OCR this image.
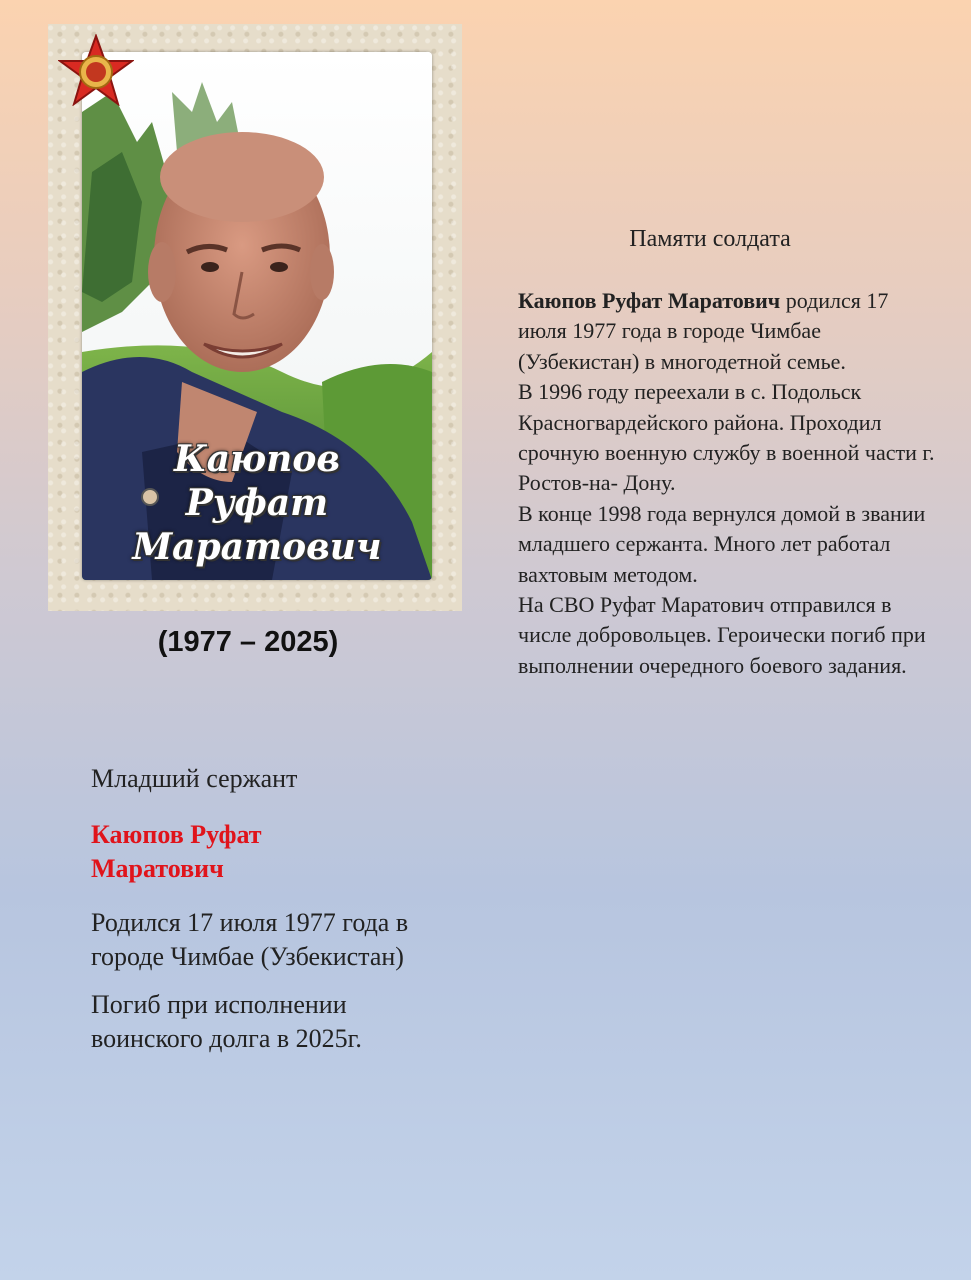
Каюпов
Руфат
Маратович
(1977 – 2025)
Памяти солдата

Каюпов Руфат Маратович родился 17 июля 1977 года в городе Чимбае (Узбекистан) в многодетной семье.

В 1996 году переехали в с. Подольск Красногвардейского района. Проходил срочную военную службу в военной части г. Ростов-на- Дону.

В конце 1998 года вернулся домой в звании младшего сержанта. Много лет работал вахтовым методом.

На СВО Руфат Маратович отправился в числе добровольцев. Героически погиб при выполнении очередного боевого задания.

Младший сержант

Каюпов Руфат
Маратович

Родился 17 июля 1977 года в городе Чимбае (Узбекистан)

Погиб при исполнении воинского долга в 2025г.
